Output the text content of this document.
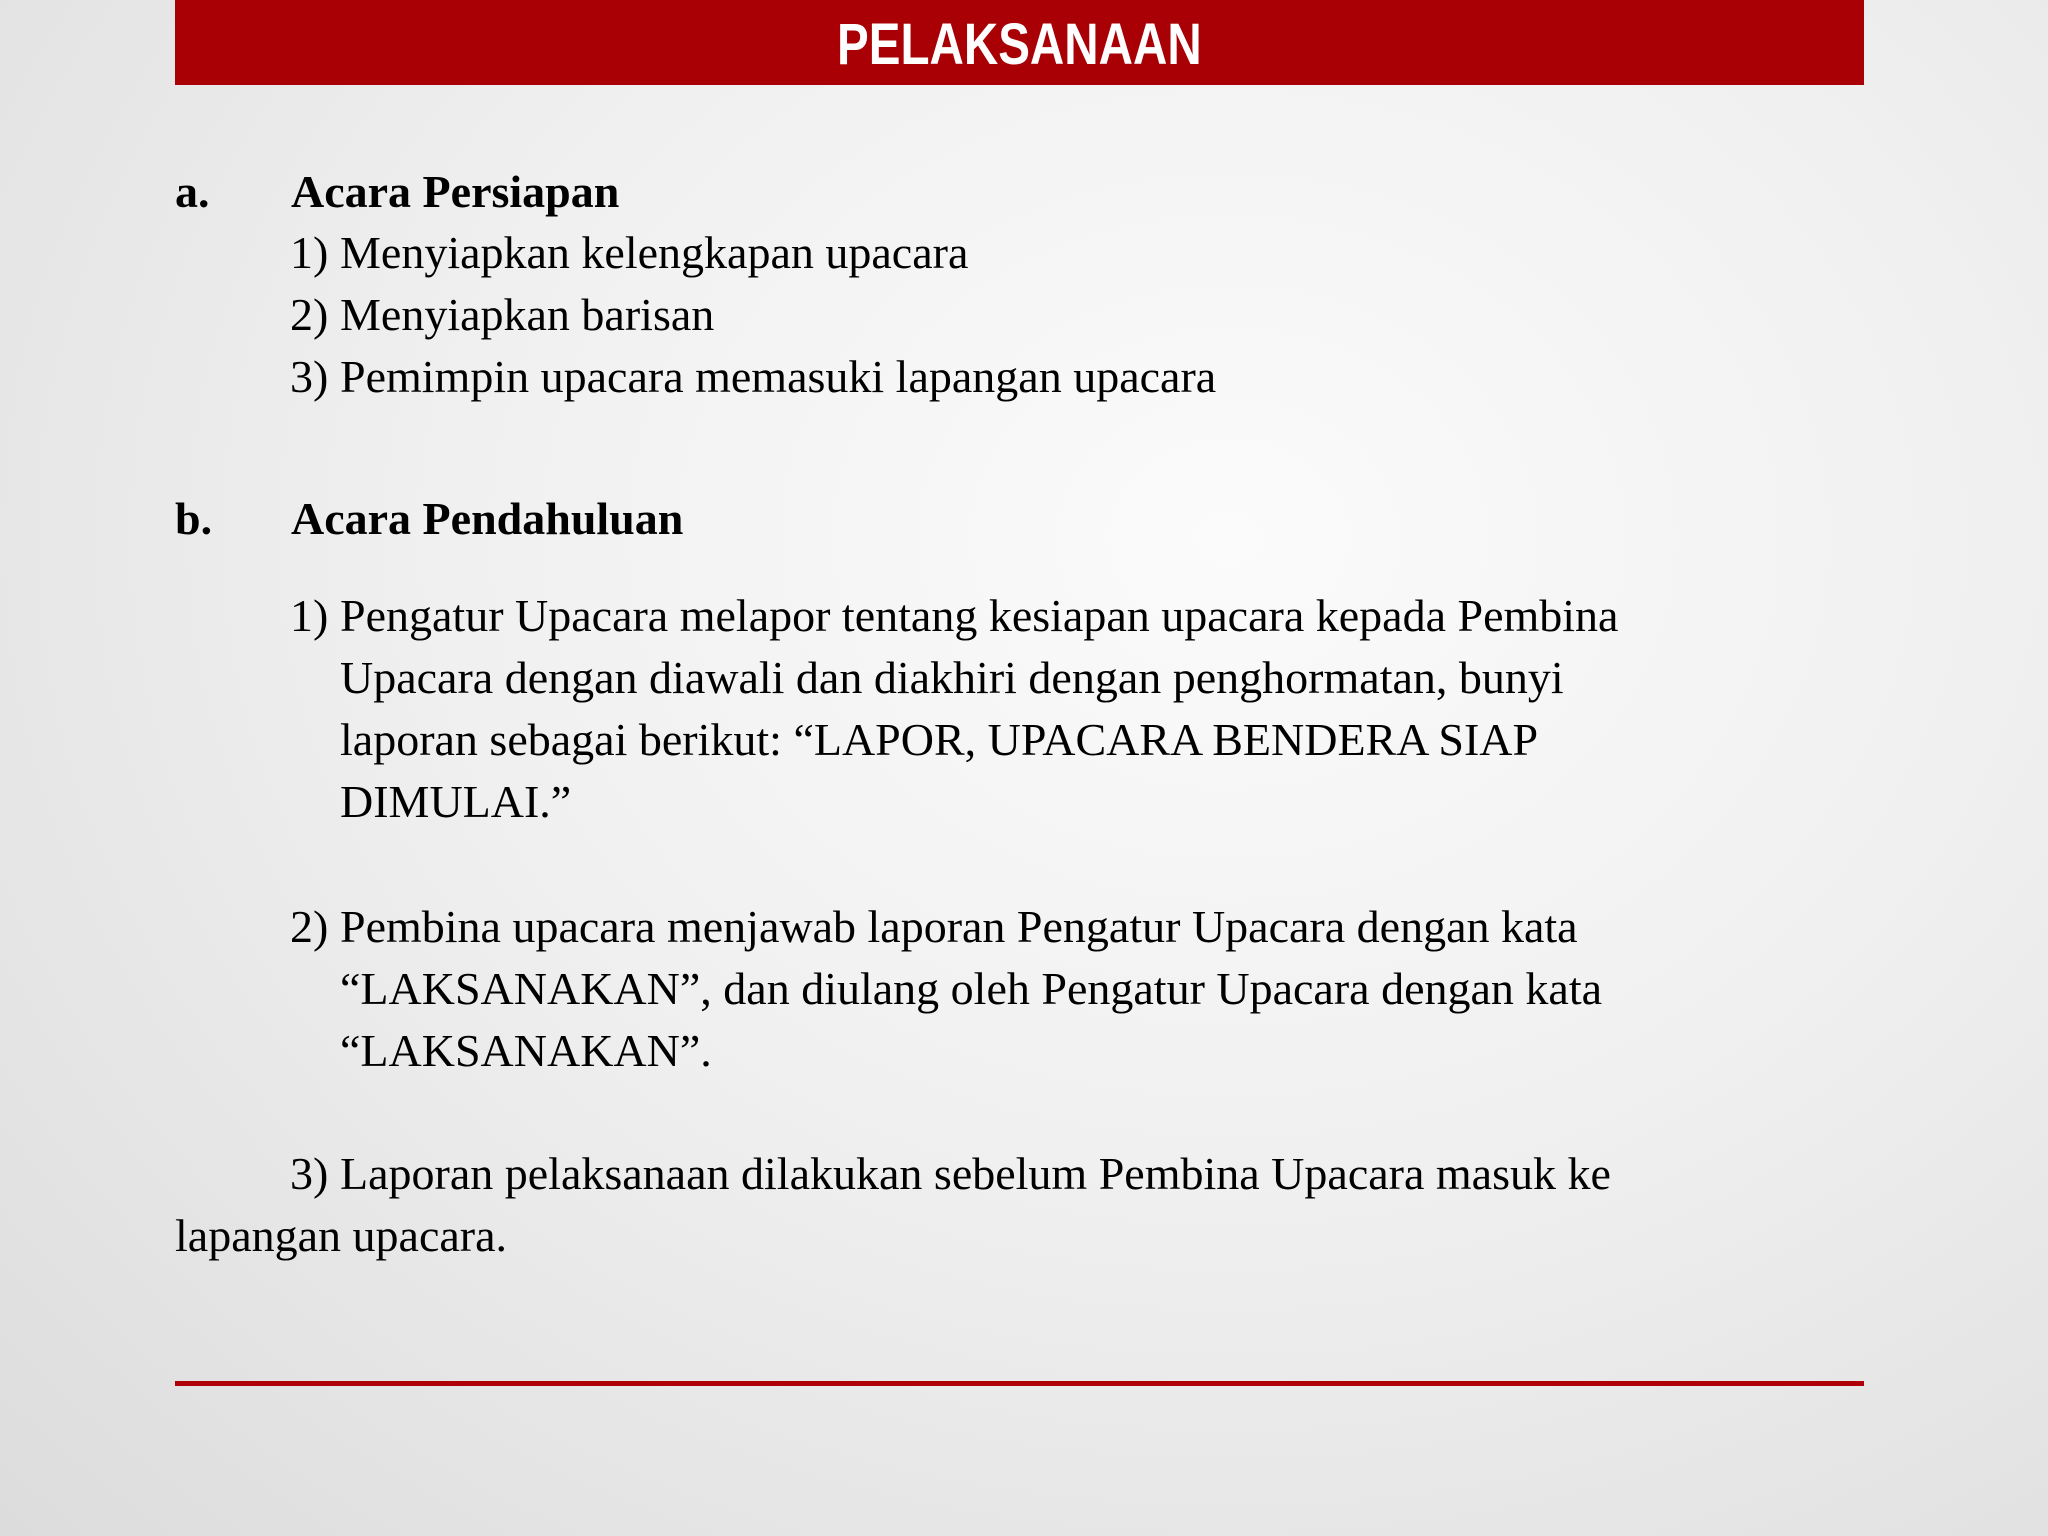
PELAKSANAAN
a. Acara Persiapan
1) Menyiapkan kelengkapan upacara
2) Menyiapkan barisan
3) Pemimpin upacara memasuki lapangan upacara
b. Acara Pendahuluan
1) Pengatur Upacara melapor tentang kesiapan upacara kepada Pembina
Upacara dengan diawali dan diakhiri dengan penghormatan, bunyi
laporan sebagai berikut: “LAPOR, UPACARA BENDERA SIAP
DIMULAI.”
2) Pembina upacara menjawab laporan Pengatur Upacara dengan kata
“LAKSANAKAN”, dan diulang oleh Pengatur Upacara dengan kata
“LAKSANAKAN”.
3) Laporan pelaksanaan dilakukan sebelum Pembina Upacara masuk ke
lapangan upacara.
